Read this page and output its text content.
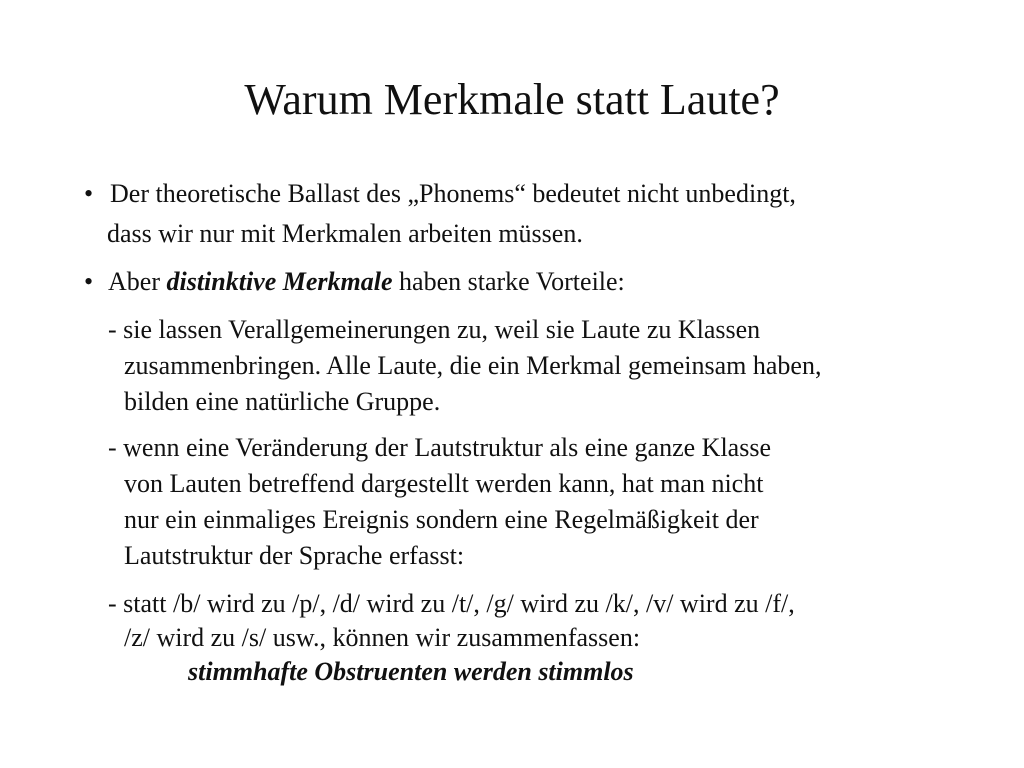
Warum Merkmale statt Laute?
• Der theoretische Ballast des „Phonems“ bedeutet nicht unbedingt,
dass wir nur mit Merkmalen arbeiten müssen.
• Aber distinktive Merkmale haben starke Vorteile:
- sie lassen Verallgemeinerungen zu, weil sie Laute zu Klassen
zusammenbringen. Alle Laute, die ein Merkmal gemeinsam haben,
bilden eine natürliche Gruppe.
- wenn eine Veränderung der Lautstruktur als eine ganze Klasse
von Lauten betreffend dargestellt werden kann, hat man nicht
nur ein einmaliges Ereignis sondern eine Regelmäßigkeit der
Lautstruktur der Sprache erfasst:
- statt /b/ wird zu /p/, /d/ wird zu /t/, /g/ wird zu /k/, /v/ wird zu /f/,
/z/ wird zu /s/ usw., können wir zusammenfassen:
stimmhafte Obstruenten werden stimmlos
